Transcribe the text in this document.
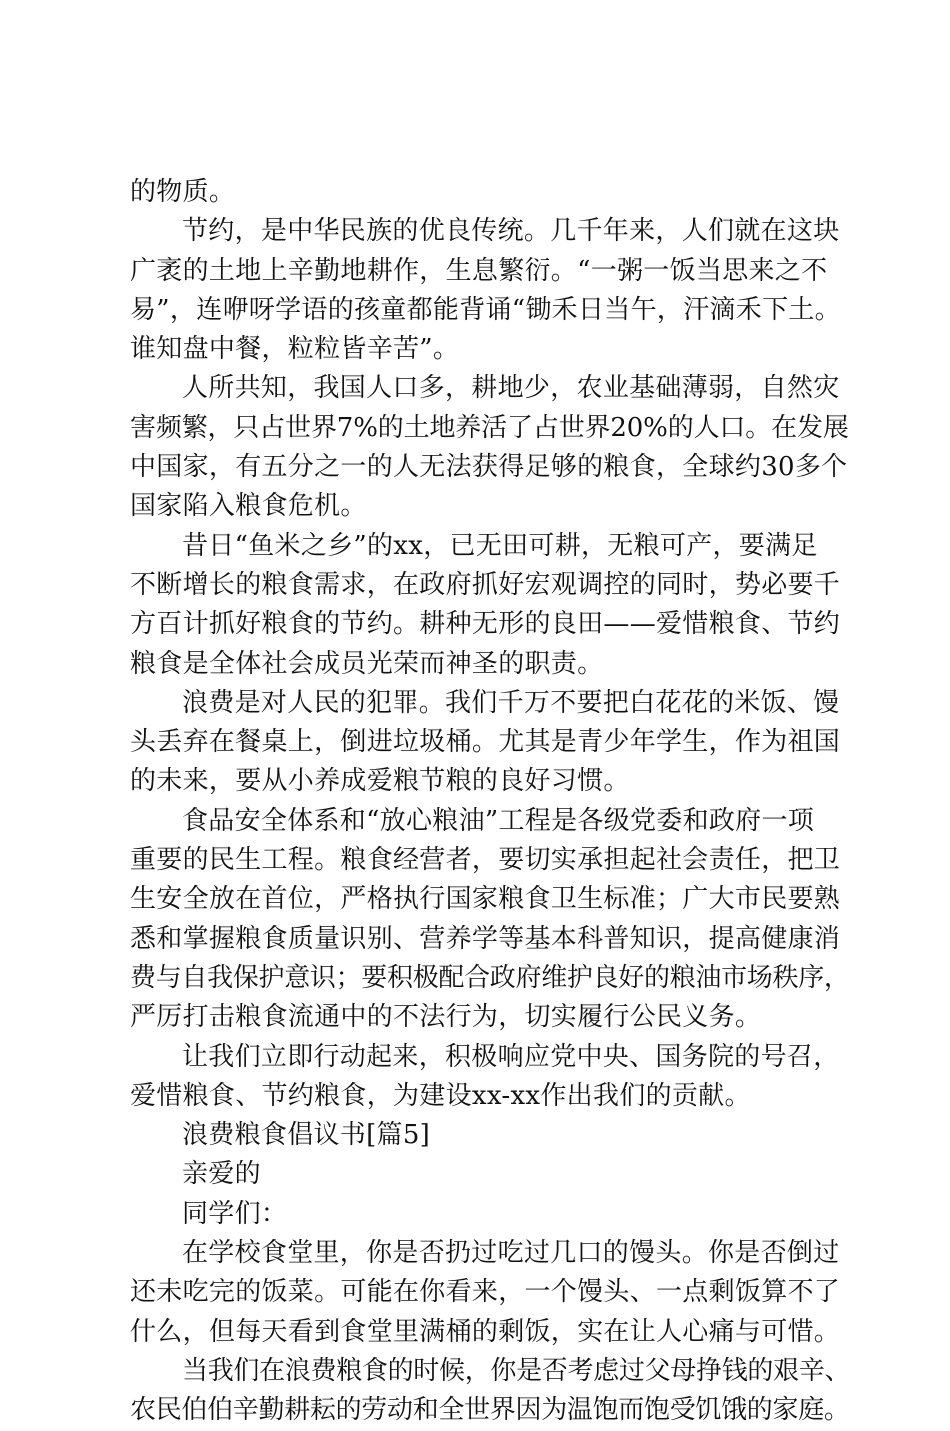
的物质。
节约，是中华民族的优良传统。几千年来，人们就在这块
广袤的土地上辛勤地耕作，生息繁衍。“一粥一饭当思来之不
易”，连咿呀学语的孩童都能背诵“锄禾日当午，汗滴禾下土。
谁知盘中餐，粒粒皆辛苦”。
人所共知，我国人口多，耕地少，农业基础薄弱，自然灾
害频繁，只占世界7%的土地养活了占世界20%的人口。在发展
中国家，有五分之一的人无法获得足够的粮食，全球约30多个
国家陷入粮食危机。
昔日“鱼米之乡”的xx，已无田可耕，无粮可产，要满足
不断增长的粮食需求，在政府抓好宏观调控的同时，势必要千
方百计抓好粮食的节约。耕种无形的良田——爱惜粮食、节约
粮食是全体社会成员光荣而神圣的职责。
浪费是对人民的犯罪。我们千万不要把白花花的米饭、馒
头丢弃在餐桌上，倒进垃圾桶。尤其是青少年学生，作为祖国
的未来，要从小养成爱粮节粮的良好习惯。
食品安全体系和“放心粮油”工程是各级党委和政府一项
重要的民生工程。粮食经营者，要切实承担起社会责任，把卫
生安全放在首位，严格执行国家粮食卫生标准；广大市民要熟
悉和掌握粮食质量识别、营养学等基本科普知识，提高健康消
费与自我保护意识；要积极配合政府维护良好的粮油市场秩序，
严厉打击粮食流通中的不法行为，切实履行公民义务。
让我们立即行动起来，积极响应党中央、国务院的号召，
爱惜粮食、节约粮食，为建设xx-xx作出我们的贡献。
浪费粮食倡议书[篇5]
亲爱的
同学们：
在学校食堂里，你是否扔过吃过几口的馒头。你是否倒过
还未吃完的饭菜。可能在你看来，一个馒头、一点剩饭算不了
什么，但每天看到食堂里满桶的剩饭，实在让人心痛与可惜。
当我们在浪费粮食的时候，你是否考虑过父母挣钱的艰辛、
农民伯伯辛勤耕耘的劳动和全世界因为温饱而饱受饥饿的家庭。
